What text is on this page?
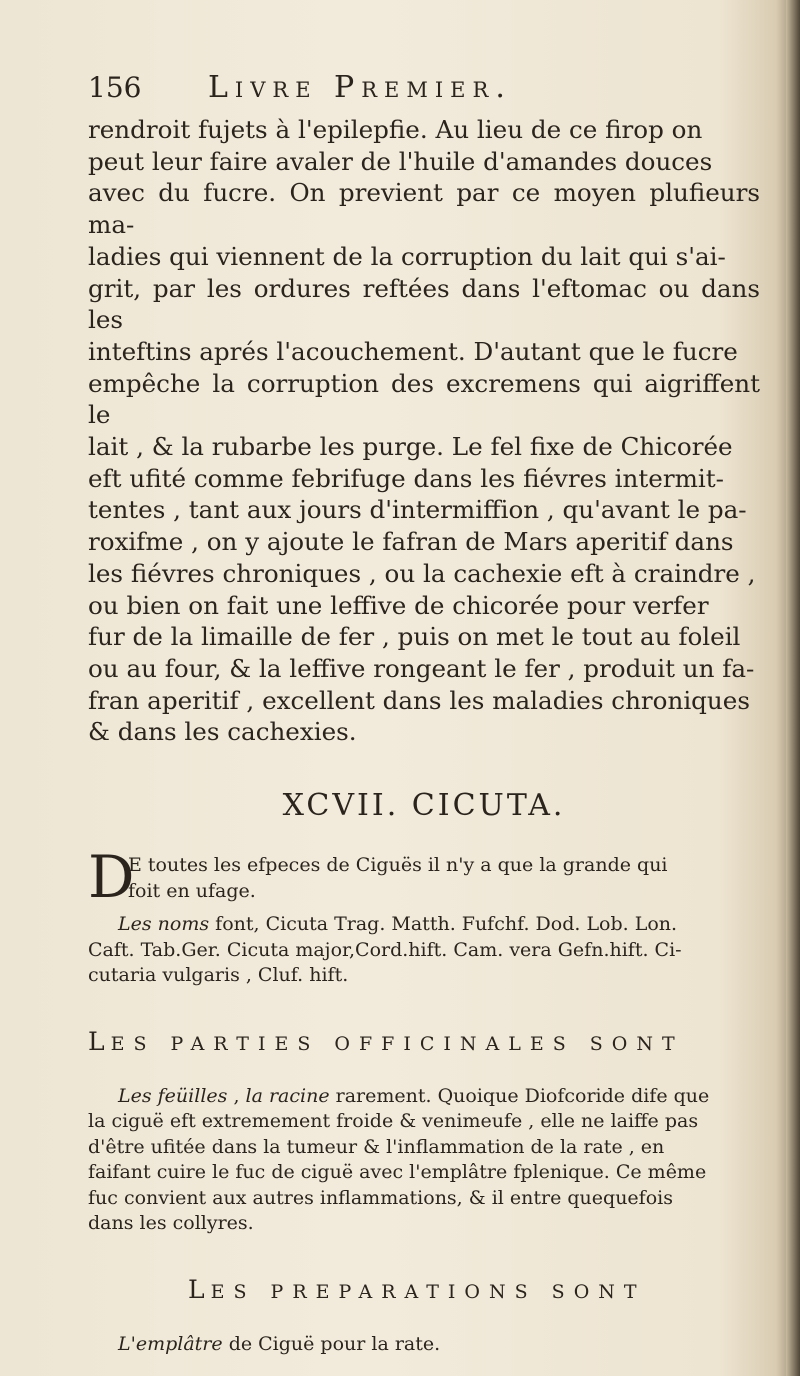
156	Livre Premier.

rendroit fujets à l'epilepfie. Au lieu de ce firop on

peut leur faire avaler de l'huile d'amandes douces

avec du fucre. On previent par ce moyen plufieurs ma-

ladies qui viennent de la corruption du lait qui s'ai-

grit, par les ordures reftées dans l'eftomac ou dans les

inteftins aprés l'acouchement. D'autant que le fucre

empêche la corruption des excremens qui aigriffent le

lait , & la rubarbe les purge. Le fel fixe de Chicorée

eft ufité comme febrifuge dans les fiévres intermit-

tentes , tant aux jours d'intermiffion , qu'avant le pa-

roxifme , on y ajoute le fafran de Mars aperitif dans

les fiévres chroniques , ou la cachexie eft à craindre ,

ou bien on fait une leffive de chicorée pour verfer

fur de la limaille de fer , puis on met le tout au foleil

ou au four, & la leffive rongeant le fer , produit un fa-

fran aperitif , excellent dans les maladies chroniques

& dans les cachexies.

XCVII. CICUTA.
D

E toutes les efpeces de Ciguës il n'y a que la grande qui

foit en ufage.

Les noms font, Cicuta Trag. Matth. Fufchf. Dod. Lob. Lon.

Caft. Tab.Ger. Cicuta major,Cord.hift. Cam. vera Gefn.hift. Ci-

cutaria vulgaris , Cluf. hift.

LES PARTIES OFFICINALES SONT

Les feüilles , la racine rarement. Quoique Diofcoride dife que

la ciguë eft extremement froide & venimeufe , elle ne laiffe pas

d'être ufitée dans la tumeur & l'inflammation de la rate , en

faifant cuire le fuc de ciguë avec l'emplâtre fplenique. Ce même

fuc convient aux autres inflammations, & il entre quequefois

dans les collyres.

LES PREPARATIONS SONT

L'emplâtre de Ciguë pour la rate.
